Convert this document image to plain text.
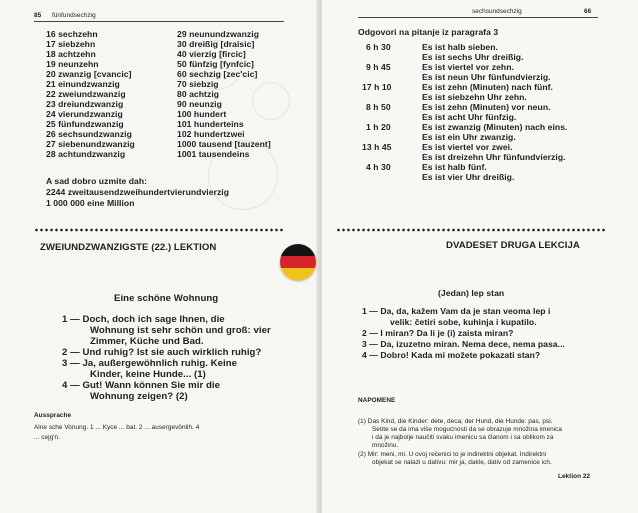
85 fünfundsechzig
16 sechzehn
17 siebzehn
18 achtzehn
19 neunzehn
20 zwanzig [cvancic]
21 einundzwanzig
22 zweiundzwanzig
23 dreiundzwanzig
24 vierundzwanzig
25 fünfundzwanzig
26 sechsundzwanzig
27 siebenundzwanzig
28 achtundzwanzig
29 neunundzwanzig
30 dreißig [draisic]
40 vierzig [fircic]
50 fünfzig [fynfcic]
60 sechzig [zec'cic]
70 siebzig
80 achtzig
90 neunzig
100 hundert
101 hunderteins
102 hundertzwei
1000 tausend [tauzent]
1001 tausendeins
A sad dobro uzmite dah:
2244 zweitausendzweihundertvierundvierzig
1 000 000 eine Million
ZWEIUNDZWANZIGSTE (22.) LEKTION
Eine schöne Wohnung
1 — Doch, doch ich sage Ihnen, die
Wohnung ist sehr schön und groß: vier
Zimmer, Küche und Bad.
2 — Und ruhig? Ist sie auch wirklich ruhig?
3 — Ja, außergewöhnlich ruhig. Keine
Kinder, keine Hunde... (1)
4 — Gut! Wann können Sie mir die
Wohnung zeigen? (2)
Aussprache
Alne sche Vonung. 1 ... Kyce ... bat. 2 ... ausergevönlih. 4
... cejg'n.
sechsundsechzig	66
Odgovori na pitanje iz paragrafa 3
6 h 30	Es ist halb sieben.
Es ist sechs Uhr dreißig.
9 h 45	Es ist viertel vor zehn.
Es ist neun Uhr fünfundvierzig.
17 h 10	Es ist zehn (Minuten) nach fünf.
Es ist siebzehn Uhr zehn.
8 h 50	Es ist zehn (Minuten) vor neun.
Es ist acht Uhr fünfzig.
1 h 20	Es ist zwanzig (Minuten) nach eins.
Es ist ein Uhr zwanzig.
13 h 45	Es ist viertel vor zwei.
Es ist dreizehn Uhr fünfundvierzig.
4 h 30	Es ist halb fünf.
Es ist vier Uhr dreißig.
DVADESET DRUGA LEKCIJA
(Jedan) lep stan
1 — Da, da, kažem Vam da je stan veoma lep i
velik: četiri sobe, kuhinja i kupatilo.
2 — I miran? Da li je (i) zaista miran?
3 — Da, izuzetno miran. Nema dece, nema pasa...
4 — Dobro! Kada mi možete pokazati stan?
NAPOMENE
(1) Das Kind, die Kinder: dete, deca; der Hund, die Hunde: pas, psi.
Setite se da ima više mogućnosti da se obrazuje množina imenica
i da je najbolje naučiti svaku imenicu sa članom i sa oblikom za
množinu.
(2) Mir: meni, mi. U ovoj rečenici to je indirektni objekat. Indirektni
objekat se nalazi u dativu: mir ja, dakle, dativ od zamenice ich.
Lektion 22
